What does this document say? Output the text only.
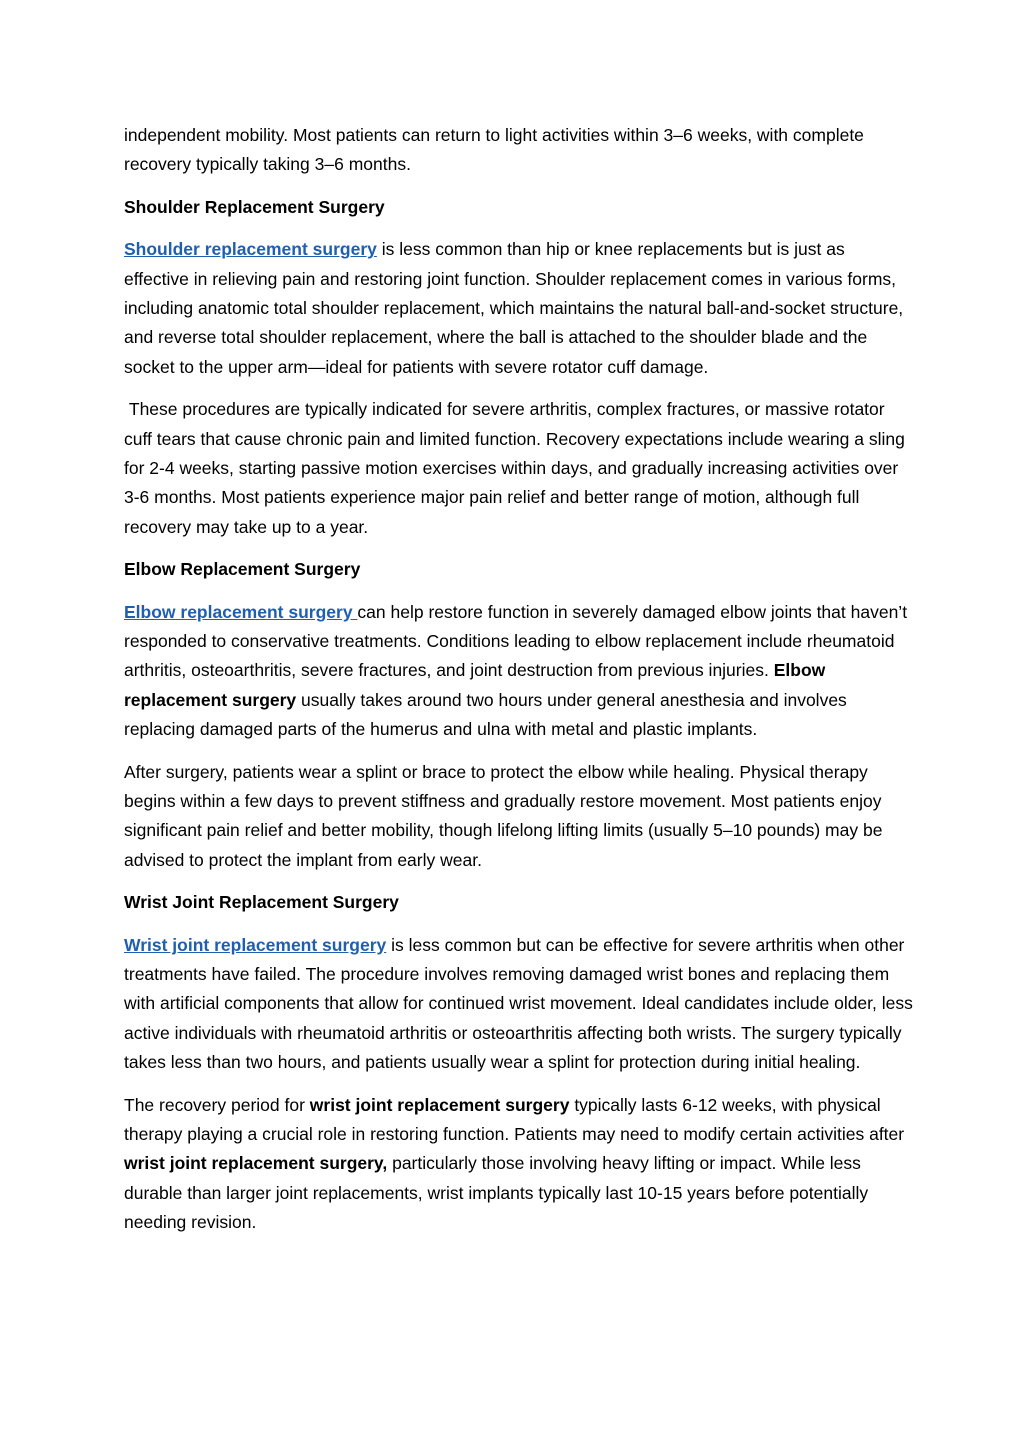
independent mobility. Most patients can return to light activities within 3–6 weeks, with complete recovery typically taking 3–6 months.

Shoulder Replacement Surgery

Shoulder replacement surgery is less common than hip or knee replacements but is just as effective in relieving pain and restoring joint function. Shoulder replacement comes in various forms, including anatomic total shoulder replacement, which maintains the natural ball-and-socket structure, and reverse total shoulder replacement, where the ball is attached to the shoulder blade and the socket to the upper arm—ideal for patients with severe rotator cuff damage.

These procedures are typically indicated for severe arthritis, complex fractures, or massive rotator cuff tears that cause chronic pain and limited function. Recovery expectations include wearing a sling for 2-4 weeks, starting passive motion exercises within days, and gradually increasing activities over 3-6 months. Most patients experience major pain relief and better range of motion, although full recovery may take up to a year.

Elbow Replacement Surgery

Elbow replacement surgery can help restore function in severely damaged elbow joints that haven’t responded to conservative treatments. Conditions leading to elbow replacement include rheumatoid arthritis, osteoarthritis, severe fractures, and joint destruction from previous injuries. Elbow replacement surgery usually takes around two hours under general anesthesia and involves replacing damaged parts of the humerus and ulna with metal and plastic implants.

After surgery, patients wear a splint or brace to protect the elbow while healing. Physical therapy begins within a few days to prevent stiffness and gradually restore movement. Most patients enjoy significant pain relief and better mobility, though lifelong lifting limits (usually 5–10 pounds) may be advised to protect the implant from early wear.

Wrist Joint Replacement Surgery

Wrist joint replacement surgery is less common but can be effective for severe arthritis when other treatments have failed. The procedure involves removing damaged wrist bones and replacing them with artificial components that allow for continued wrist movement. Ideal candidates include older, less active individuals with rheumatoid arthritis or osteoarthritis affecting both wrists. The surgery typically takes less than two hours, and patients usually wear a splint for protection during initial healing.

The recovery period for wrist joint replacement surgery typically lasts 6-12 weeks, with physical therapy playing a crucial role in restoring function. Patients may need to modify certain activities after wrist joint replacement surgery, particularly those involving heavy lifting or impact. While less durable than larger joint replacements, wrist implants typically last 10-15 years before potentially needing revision.
